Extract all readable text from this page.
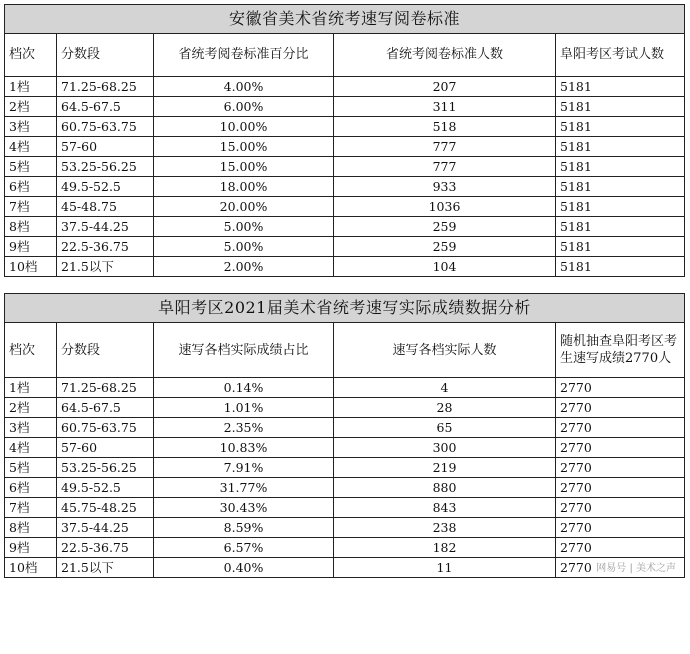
安徽省美术省统考速写阅卷标准				
档次	分数段	省统考阅卷标准百分比	省统考阅卷标准人数	阜阳考区考试人数
1档	71.25-68.25	4.00%	207	5181
2档	64.5-67.5	6.00%	311	5181
3档	60.75-63.75	10.00%	518	5181
4档	57-60	15.00%	777	5181
5档	53.25-56.25	15.00%	777	5181
6档	49.5-52.5	18.00%	933	5181
7档	45-48.75	20.00%	1036	5181
8档	37.5-44.25	5.00%	259	5181
9档	22.5-36.75	5.00%	259	5181
10档	21.5以下	2.00%	104	5181

阜阳考区2021届美术省统考速写实际成绩数据分析				
档次	分数段	速写各档实际成绩占比	速写各档实际人数	随机抽查阜阳考区考生速写成绩2770人
1档	71.25-68.25	0.14%	4	2770
2档	64.5-67.5	1.01%	28	2770
3档	60.75-63.75	2.35%	65	2770
4档	57-60	10.83%	300	2770
5档	53.25-56.25	7.91%	219	2770
6档	49.5-52.5	31.77%	880	2770
7档	45.75-48.25	30.43%	843	2770
8档	37.5-44.25	8.59%	238	2770
9档	22.5-36.75	6.57%	182	2770
10档	21.5以下	0.40%	11	2770 网易号 | 美术之声
